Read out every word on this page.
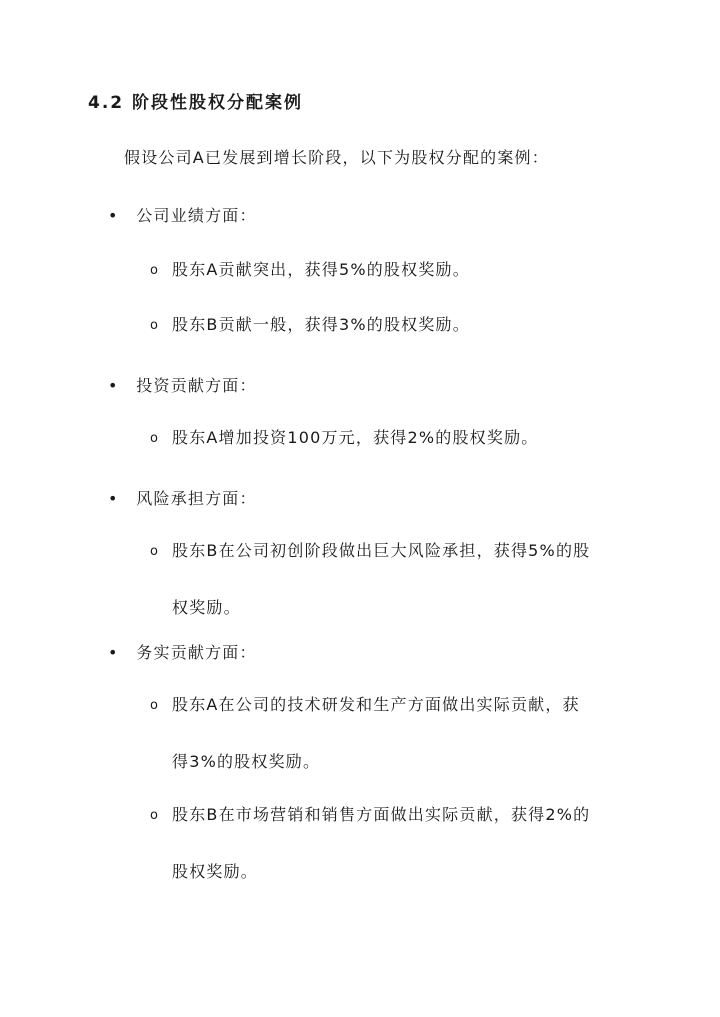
4.2 阶段性股权分配案例
假设公司A已发展到增长阶段，以下为股权分配的案例：
• 公司业绩方面：
o 股东A贡献突出，获得5%的股权奖励。
o 股东B贡献一般，获得3%的股权奖励。
• 投资贡献方面：
o 股东A增加投资100万元，获得2%的股权奖励。
• 风险承担方面：
o 股东B在公司初创阶段做出巨大风险承担，获得5%的股
权奖励。
• 务实贡献方面：
o 股东A在公司的技术研发和生产方面做出实际贡献，获
得3%的股权奖励。
o 股东B在市场营销和销售方面做出实际贡献，获得2%的
股权奖励。
